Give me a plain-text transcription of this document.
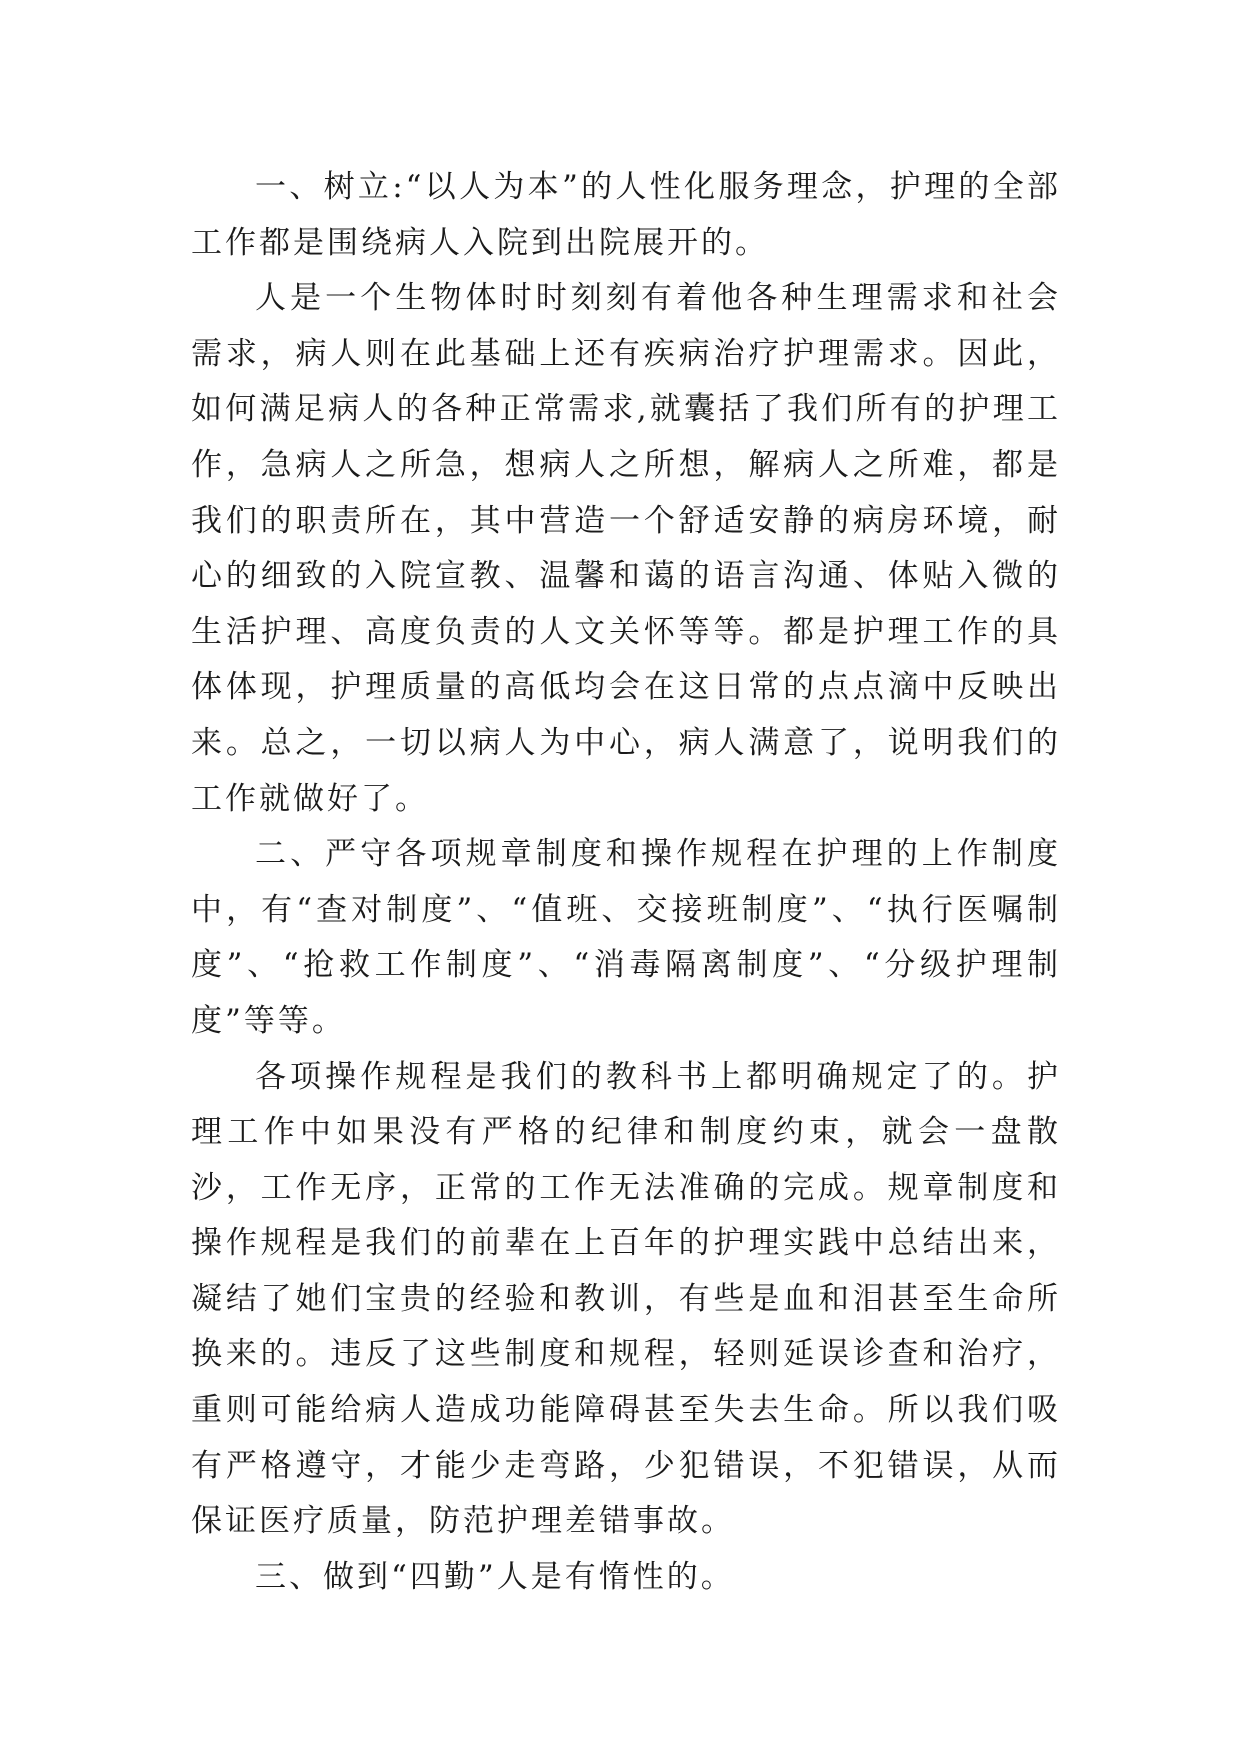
一、树立:“以人为本”的人性化服务理念，护理的全部工作都是围绕病人入院到出院展开的。

人是一个生物体时时刻刻有着他各种生理需求和社会需求，病人则在此基础上还有疾病治疗护理需求。因此，如何满足病人的各种正常需求,就囊括了我们所有的护理工作，急病人之所急，想病人之所想，解病人之所难，都是我们的职责所在，其中营造一个舒适安静的病房环境，耐心的细致的入院宣教、温馨和蔼的语言沟通、体贴入微的生活护理、高度负责的人文关怀等等。都是护理工作的具体体现，护理质量的高低均会在这日常的点点滴中反映出来。总之，一切以病人为中心，病人满意了，说明我们的工作就做好了。

二、严守各项规章制度和操作规程在护理的上作制度中，有“查对制度”、“值班、交接班制度”、“执行医嘱制度”、“抢救工作制度”、“消毒隔离制度”、“分级护理制度”等等。

各项操作规程是我们的教科书上都明确规定了的。护理工作中如果没有严格的纪律和制度约束，就会一盘散沙，工作无序，正常的工作无法准确的完成。规章制度和操作规程是我们的前辈在上百年的护理实践中总结出来，凝结了她们宝贵的经验和教训，有些是血和泪甚至生命所换来的。违反了这些制度和规程，轻则延误诊查和治疗，重则可能给病人造成功能障碍甚至失去生命。所以我们吸有严格遵守，才能少走弯路，少犯错误，不犯错误，从而保证医疗质量，防范护理差错事故。

三、做到“四勤”人是有惰性的。
